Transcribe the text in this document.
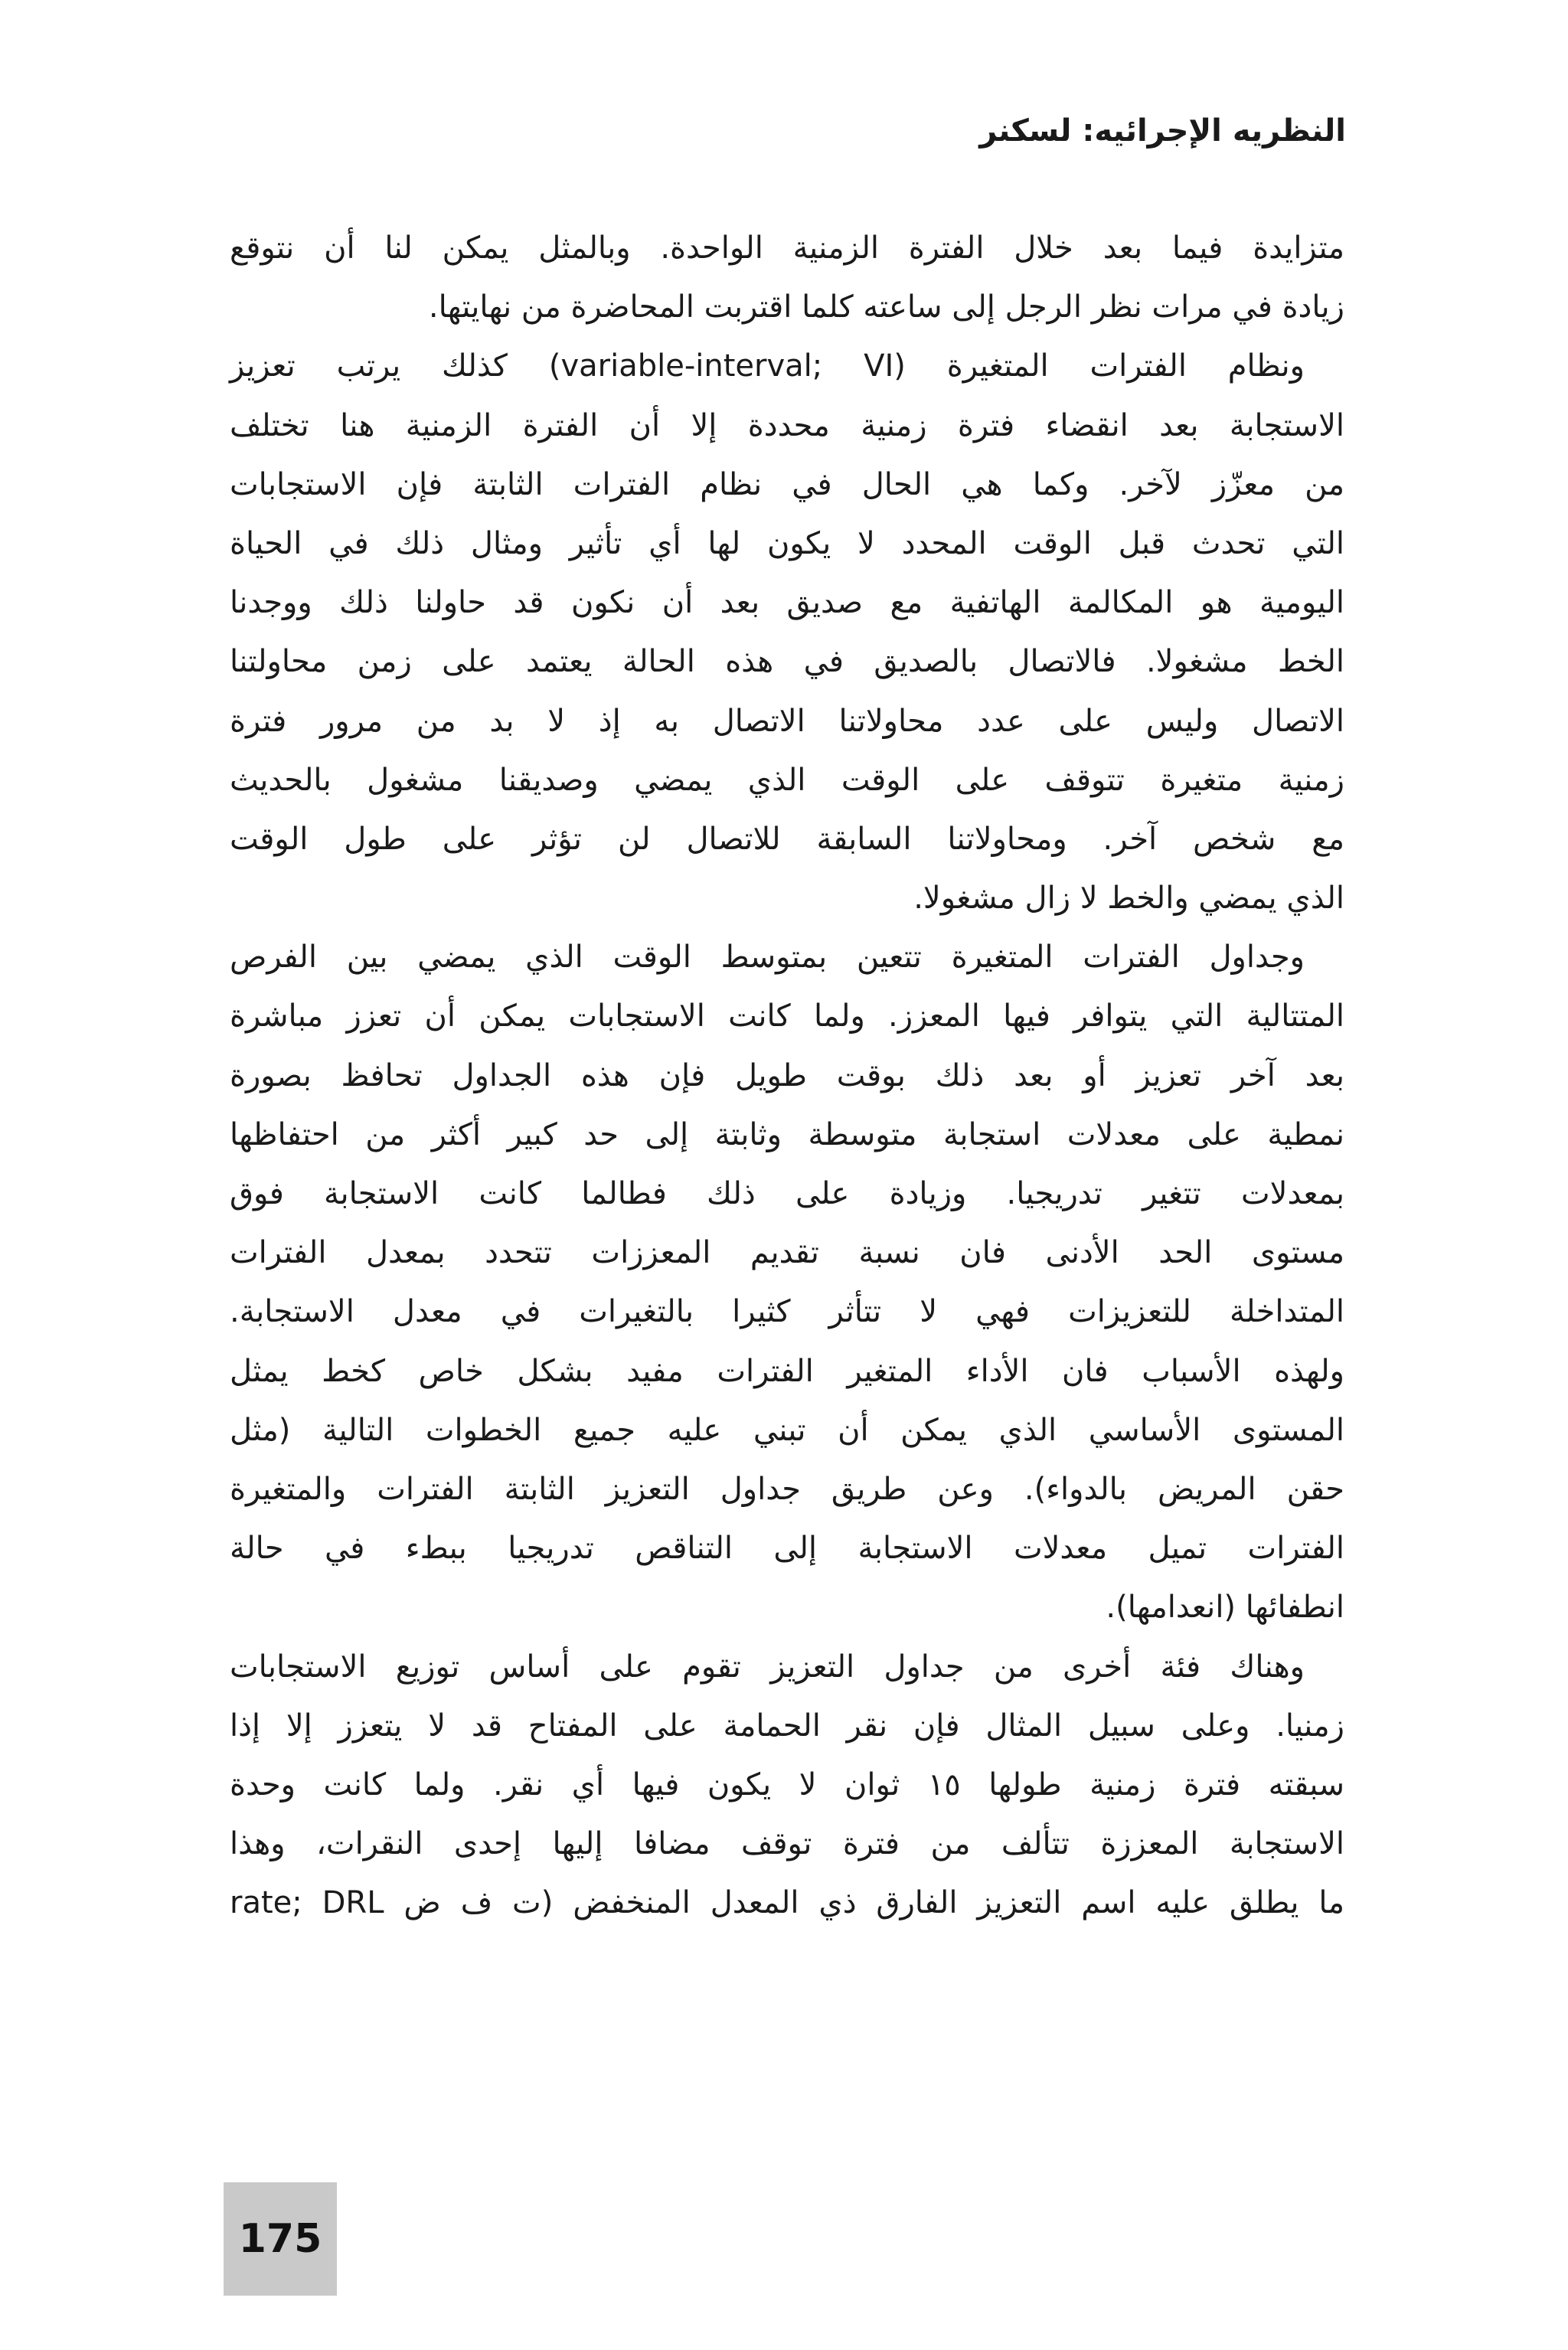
النظريه الإجرائيه: لسكنر
متزايدة فيما بعد خلال الفترة الزمنية الواحدة. وبالمثل يمكن لنا أن نتوقع
زيادة في مرات نظر الرجل إلى ساعته كلما اقتربت المحاضرة من نهايتها.
ونظام الفترات المتغيرة (variable-interval; VI) كذلك يرتب تعزيز
الاستجابة بعد انقضاء فترة زمنية محددة إلا أن الفترة الزمنية هنا تختلف
من معزّز لآخر. وكما هي الحال في نظام الفترات الثابتة فإن الاستجابات
التي تحدث قبل الوقت المحدد لا يكون لها أي تأثير ومثال ذلك في الحياة
اليومية هو المكالمة الهاتفية مع صديق بعد أن نكون قد حاولنا ذلك ووجدنا
الخط مشغولا. فالاتصال بالصديق في هذه الحالة يعتمد على زمن محاولتنا
الاتصال وليس على عدد محاولاتنا الاتصال به إذ لا بد من مرور فترة
زمنية متغيرة تتوقف على الوقت الذي يمضي وصديقنا مشغول بالحديث
مع شخص آخر. ومحاولاتنا السابقة للاتصال لن تؤثر على طول الوقت
الذي يمضي والخط لا زال مشغولا.
وجداول الفترات المتغيرة تتعين بمتوسط الوقت الذي يمضي بين الفرص
المتتالية التي يتوافر فيها المعزز. ولما كانت الاستجابات يمكن أن تعزز مباشرة
بعد آخر تعزيز أو بعد ذلك بوقت طويل فإن هذه الجداول تحافظ بصورة
نمطية على معدلات استجابة متوسطة وثابتة إلى حد كبير أكثر من احتفاظها
بمعدلات تتغير تدريجيا. وزيادة على ذلك فطالما كانت الاستجابة فوق
مستوى الحد الأدنى فان نسبة تقديم المعززات تتحدد بمعدل الفترات
المتداخلة للتعزيزات فهي لا تتأثر كثيرا بالتغيرات في معدل الاستجابة.
ولهذه الأسباب فان الأداء المتغير الفترات مفيد بشكل خاص كخط يمثل
المستوى الأساسي الذي يمكن أن تبني عليه جميع الخطوات التالية (مثل
حقن المريض بالدواء). وعن طريق جداول التعزيز الثابتة الفترات والمتغيرة
الفترات تميل معدلات الاستجابة إلى التناقص تدريجيا ببطء في حالة
انطفائها (انعدامها).
وهناك فئة أخرى من جداول التعزيز تقوم على أساس توزيع الاستجابات
زمنيا. وعلى سبيل المثال فإن نقر الحمامة على المفتاح قد لا يتعزز إلا إذا
سبقته فترة زمنية طولها ١٥ ثوان لا يكون فيها أي نقر. ولما كانت وحدة
الاستجابة المعززة تتألف من فترة توقف مضافا إليها إحدى النقرات، وهذا
ما يطلق عليه اسم التعزيز الفارق ذي المعدل المنخفض (ت ف ض rate; DRL
175
